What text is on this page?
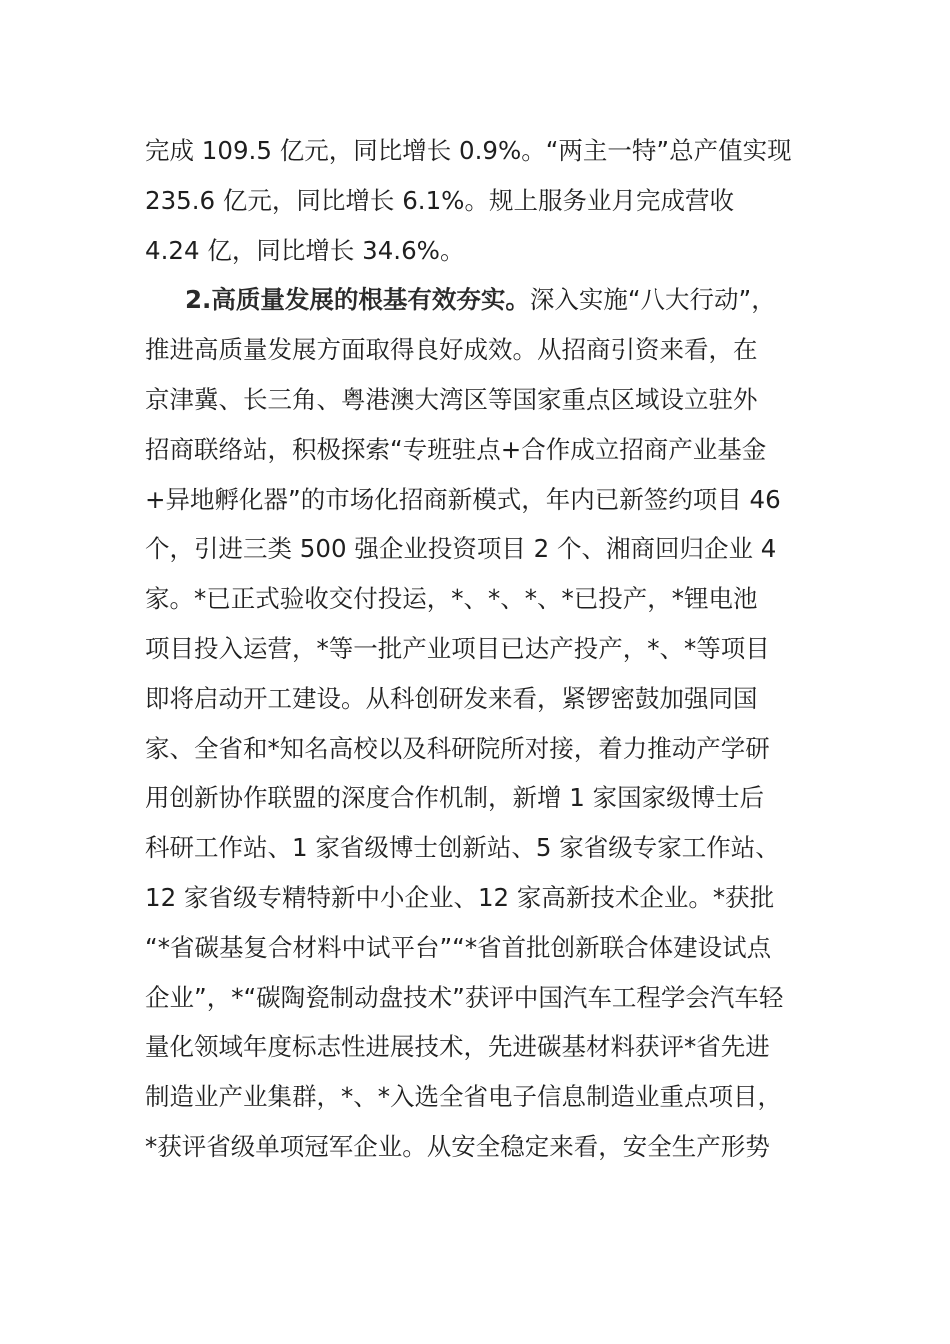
完成 109.5 亿元，同比增长 0.9%。“两主一特”总产值实现
235.6 亿元，同比增长 6.1%。规上服务业月完成营收
4.24 亿，同比增长 34.6%。
2.高质量发展的根基有效夯实。深入实施“八大行动”，
推进高质量发展方面取得良好成效。从招商引资来看，在
京津冀、长三角、粤港澳大湾区等国家重点区域设立驻外
招商联络站，积极探索“专班驻点+合作成立招商产业基金
+异地孵化器”的市场化招商新模式，年内已新签约项目 46
个，引进三类 500 强企业投资项目 2 个、湘商回归企业 4
家。*已正式验收交付投运，*、*、*、*已投产，*锂电池
项目投入运营，*等一批产业项目已达产投产，*、*等项目
即将启动开工建设。从科创研发来看，紧锣密鼓加强同国
家、全省和*知名高校以及科研院所对接，着力推动产学研
用创新协作联盟的深度合作机制，新增 1 家国家级博士后
科研工作站、1 家省级博士创新站、5 家省级专家工作站、
12 家省级专精特新中小企业、12 家高新技术企业。*获批
“*省碳基复合材料中试平台”“*省首批创新联合体建设试点
企业”，*“碳陶瓷制动盘技术”获评中国汽车工程学会汽车轻
量化领域年度标志性进展技术，先进碳基材料获评*省先进
制造业产业集群，*、*入选全省电子信息制造业重点项目，
*获评省级单项冠军企业。从安全稳定来看，安全生产形势
